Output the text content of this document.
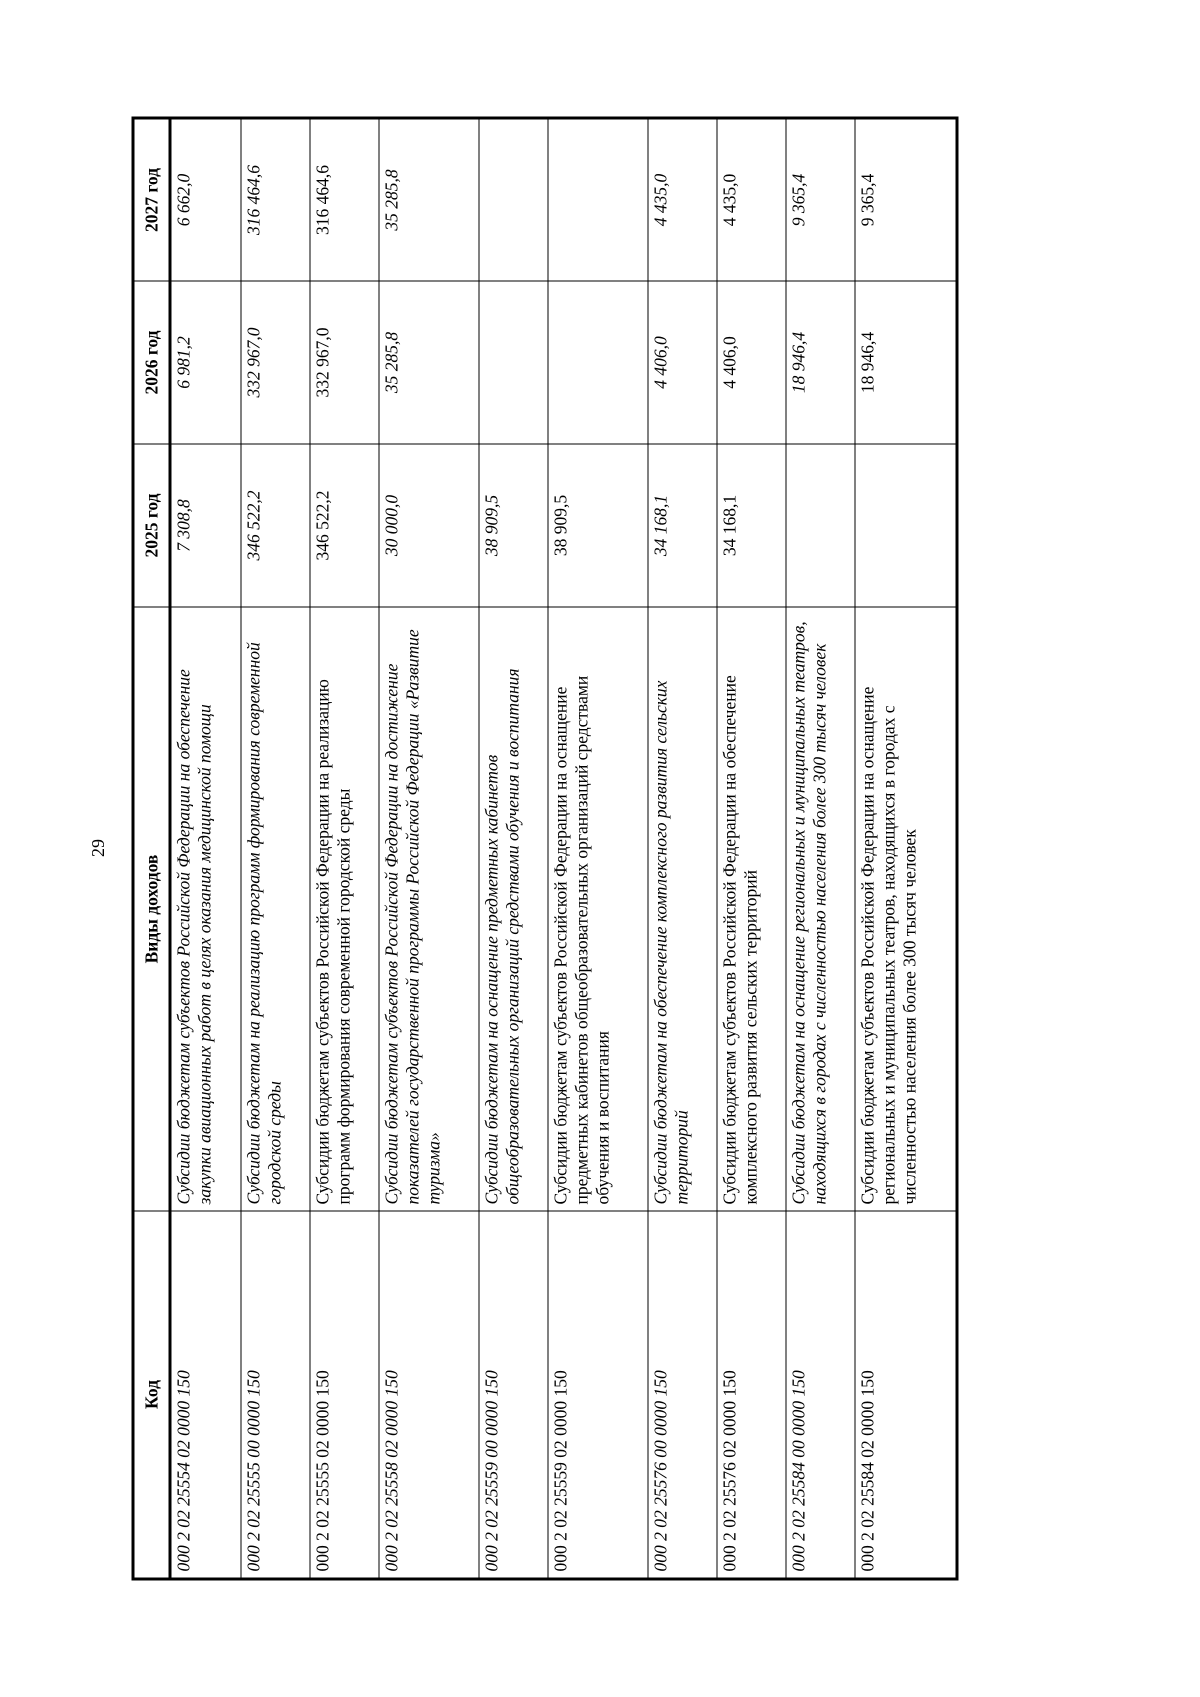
29
Код	Виды доходов	2025 год	2026 год	2027 год
000 2 02 25554 02 0000 150	Субсидии бюджетам субъектов Российской Федерации на обеспечение закупки авиационных работ в целях оказания медицинской помощи	7 308,8	6 981,2	6 662,0
000 2 02 25555 00 0000 150	Субсидии бюджетам на реализацию программ формирования современной городской среды	346 522,2	332 967,0	316 464,6
000 2 02 25555 02 0000 150	Субсидии бюджетам субъектов Российской Федерации на реализацию программ формирования современной городской среды	346 522,2	332 967,0	316 464,6
000 2 02 25558 02 0000 150	Субсидии бюджетам субъектов Российской Федерации на достижение показателей государственной программы Российской Федерации «Развитие туризма»	30 000,0	35 285,8	35 285,8
000 2 02 25559 00 0000 150	Субсидии бюджетам на оснащение предметных кабинетов общеобразовательных организаций средствами обучения и воспитания	38 909,5		
000 2 02 25559 02 0000 150	Субсидии бюджетам субъектов Российской Федерации на оснащение предметных кабинетов общеобразовательных организаций средствами обучения и воспитания	38 909,5		
000 2 02 25576 00 0000 150	Субсидии бюджетам на обеспечение комплексного развития сельских территорий	34 168,1	4 406,0	4 435,0
000 2 02 25576 02 0000 150	Субсидии бюджетам субъектов Российской Федерации на обеспечение комплексного развития сельских территорий	34 168,1	4 406,0	4 435,0
000 2 02 25584 00 0000 150	Субсидии бюджетам на оснащение региональных и муниципальных театров, находящихся в городах с численностью населения более 300 тысяч человек		18 946,4	9 365,4
000 2 02 25584 02 0000 150	Субсидии бюджетам субъектов Российской Федерации на оснащение региональных и муниципальных театров, находящихся в городах с численностью населения более 300 тысяч человек		18 946,4	9 365,4
